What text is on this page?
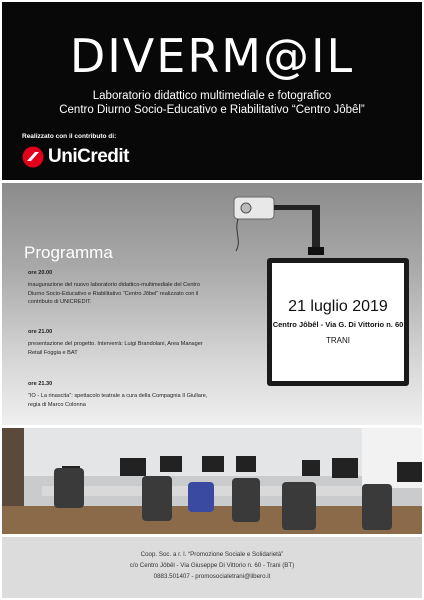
DIVERM@IL
Laboratorio didattico multimediale e fotografico
Centro Diurno Socio-Educativo e Riabilitativo “Centro Jôbêl”
Realizzato con il contributo di:
UniCredit
Programma
ore 20.00
inaugurazione del nuovo laboratorio didattico-multimediale del Centro Diurno Socio-Educativo e Riabilitativo “Centro Jôbel” realizzato con il contributo di UNICREDIT.
ore 21.00
presentazione del progetto. Interverrà: Luigi Brandolani, Area Manager Retail Foggia e BAT
ore 21.30
“IO - La rinascita”: spettacolo teatrale a cura della Compagnia Il Giullare, regia di Marco Colonna
21 luglio 2019
Centro Jôbêl - Via G. Di Vittorio n. 60
TRANI
Coop. Soc. a r. l. “Promozione Sociale e Solidarietà”
c/o Centro Jôbêl - Via Giuseppe Di Vittorio n. 60 - Trani (BT)
0883.501407 - promosocialetrani@libero.it
